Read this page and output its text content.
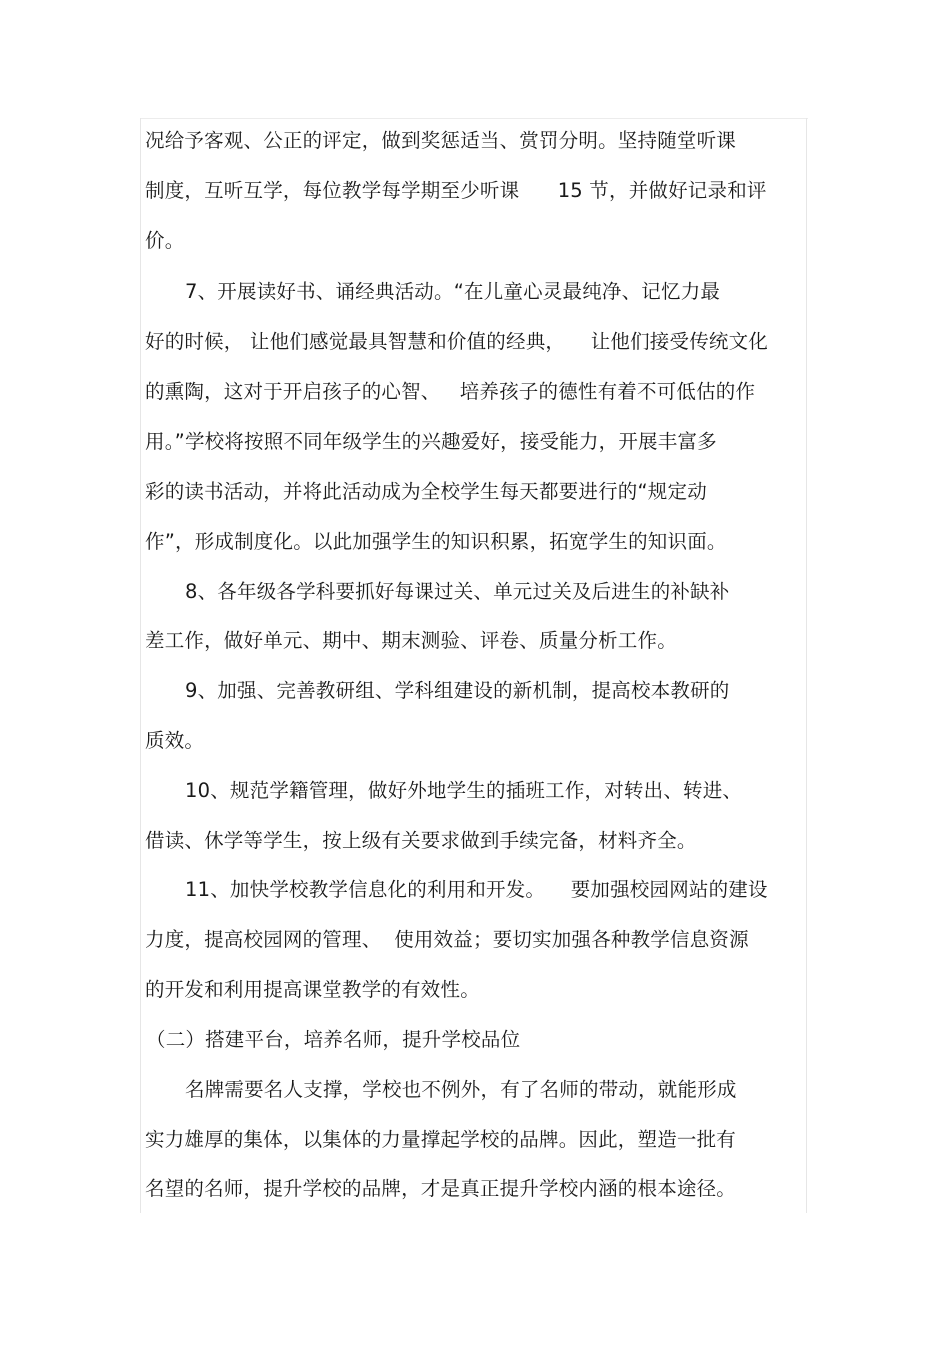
况给予客观、公正的评定，做到奖惩适当、赏罚分明。坚持随堂听课
制度，互听互学，每位教学每学期至少听课      15 节，并做好记录和评
价。
7、开展读好书、诵经典活动。“在儿童心灵最纯净、记忆力最
好的时候， 让他们感觉最具智慧和价值的经典，    让他们接受传统文化
的熏陶，这对于开启孩子的心智、   培养孩子的德性有着不可低估的作
用。”学校将按照不同年级学生的兴趣爱好，接受能力，开展丰富多
彩的读书活动，并将此活动成为全校学生每天都要进行的“规定动
作”，形成制度化。以此加强学生的知识积累，拓宽学生的知识面。
8、各年级各学科要抓好每课过关、单元过关及后进生的补缺补
差工作，做好单元、期中、期末测验、评卷、质量分析工作。
9、加强、完善教研组、学科组建设的新机制，提高校本教研的
质效。
10、规范学籍管理，做好外地学生的插班工作，对转出、转进、
借读、休学等学生，按上级有关要求做到手续完备，材料齐全。
11、加快学校教学信息化的利用和开发。    要加强校园网站的建设
力度，提高校园网的管理、  使用效益；要切实加强各种教学信息资源
的开发和利用提高课堂教学的有效性。
（二）搭建平台，培养名师，提升学校品位
名牌需要名人支撑，学校也不例外，有了名师的带动，就能形成
实力雄厚的集体，以集体的力量撑起学校的品牌。因此，塑造一批有
名望的名师，提升学校的品牌，才是真正提升学校内涵的根本途径。
